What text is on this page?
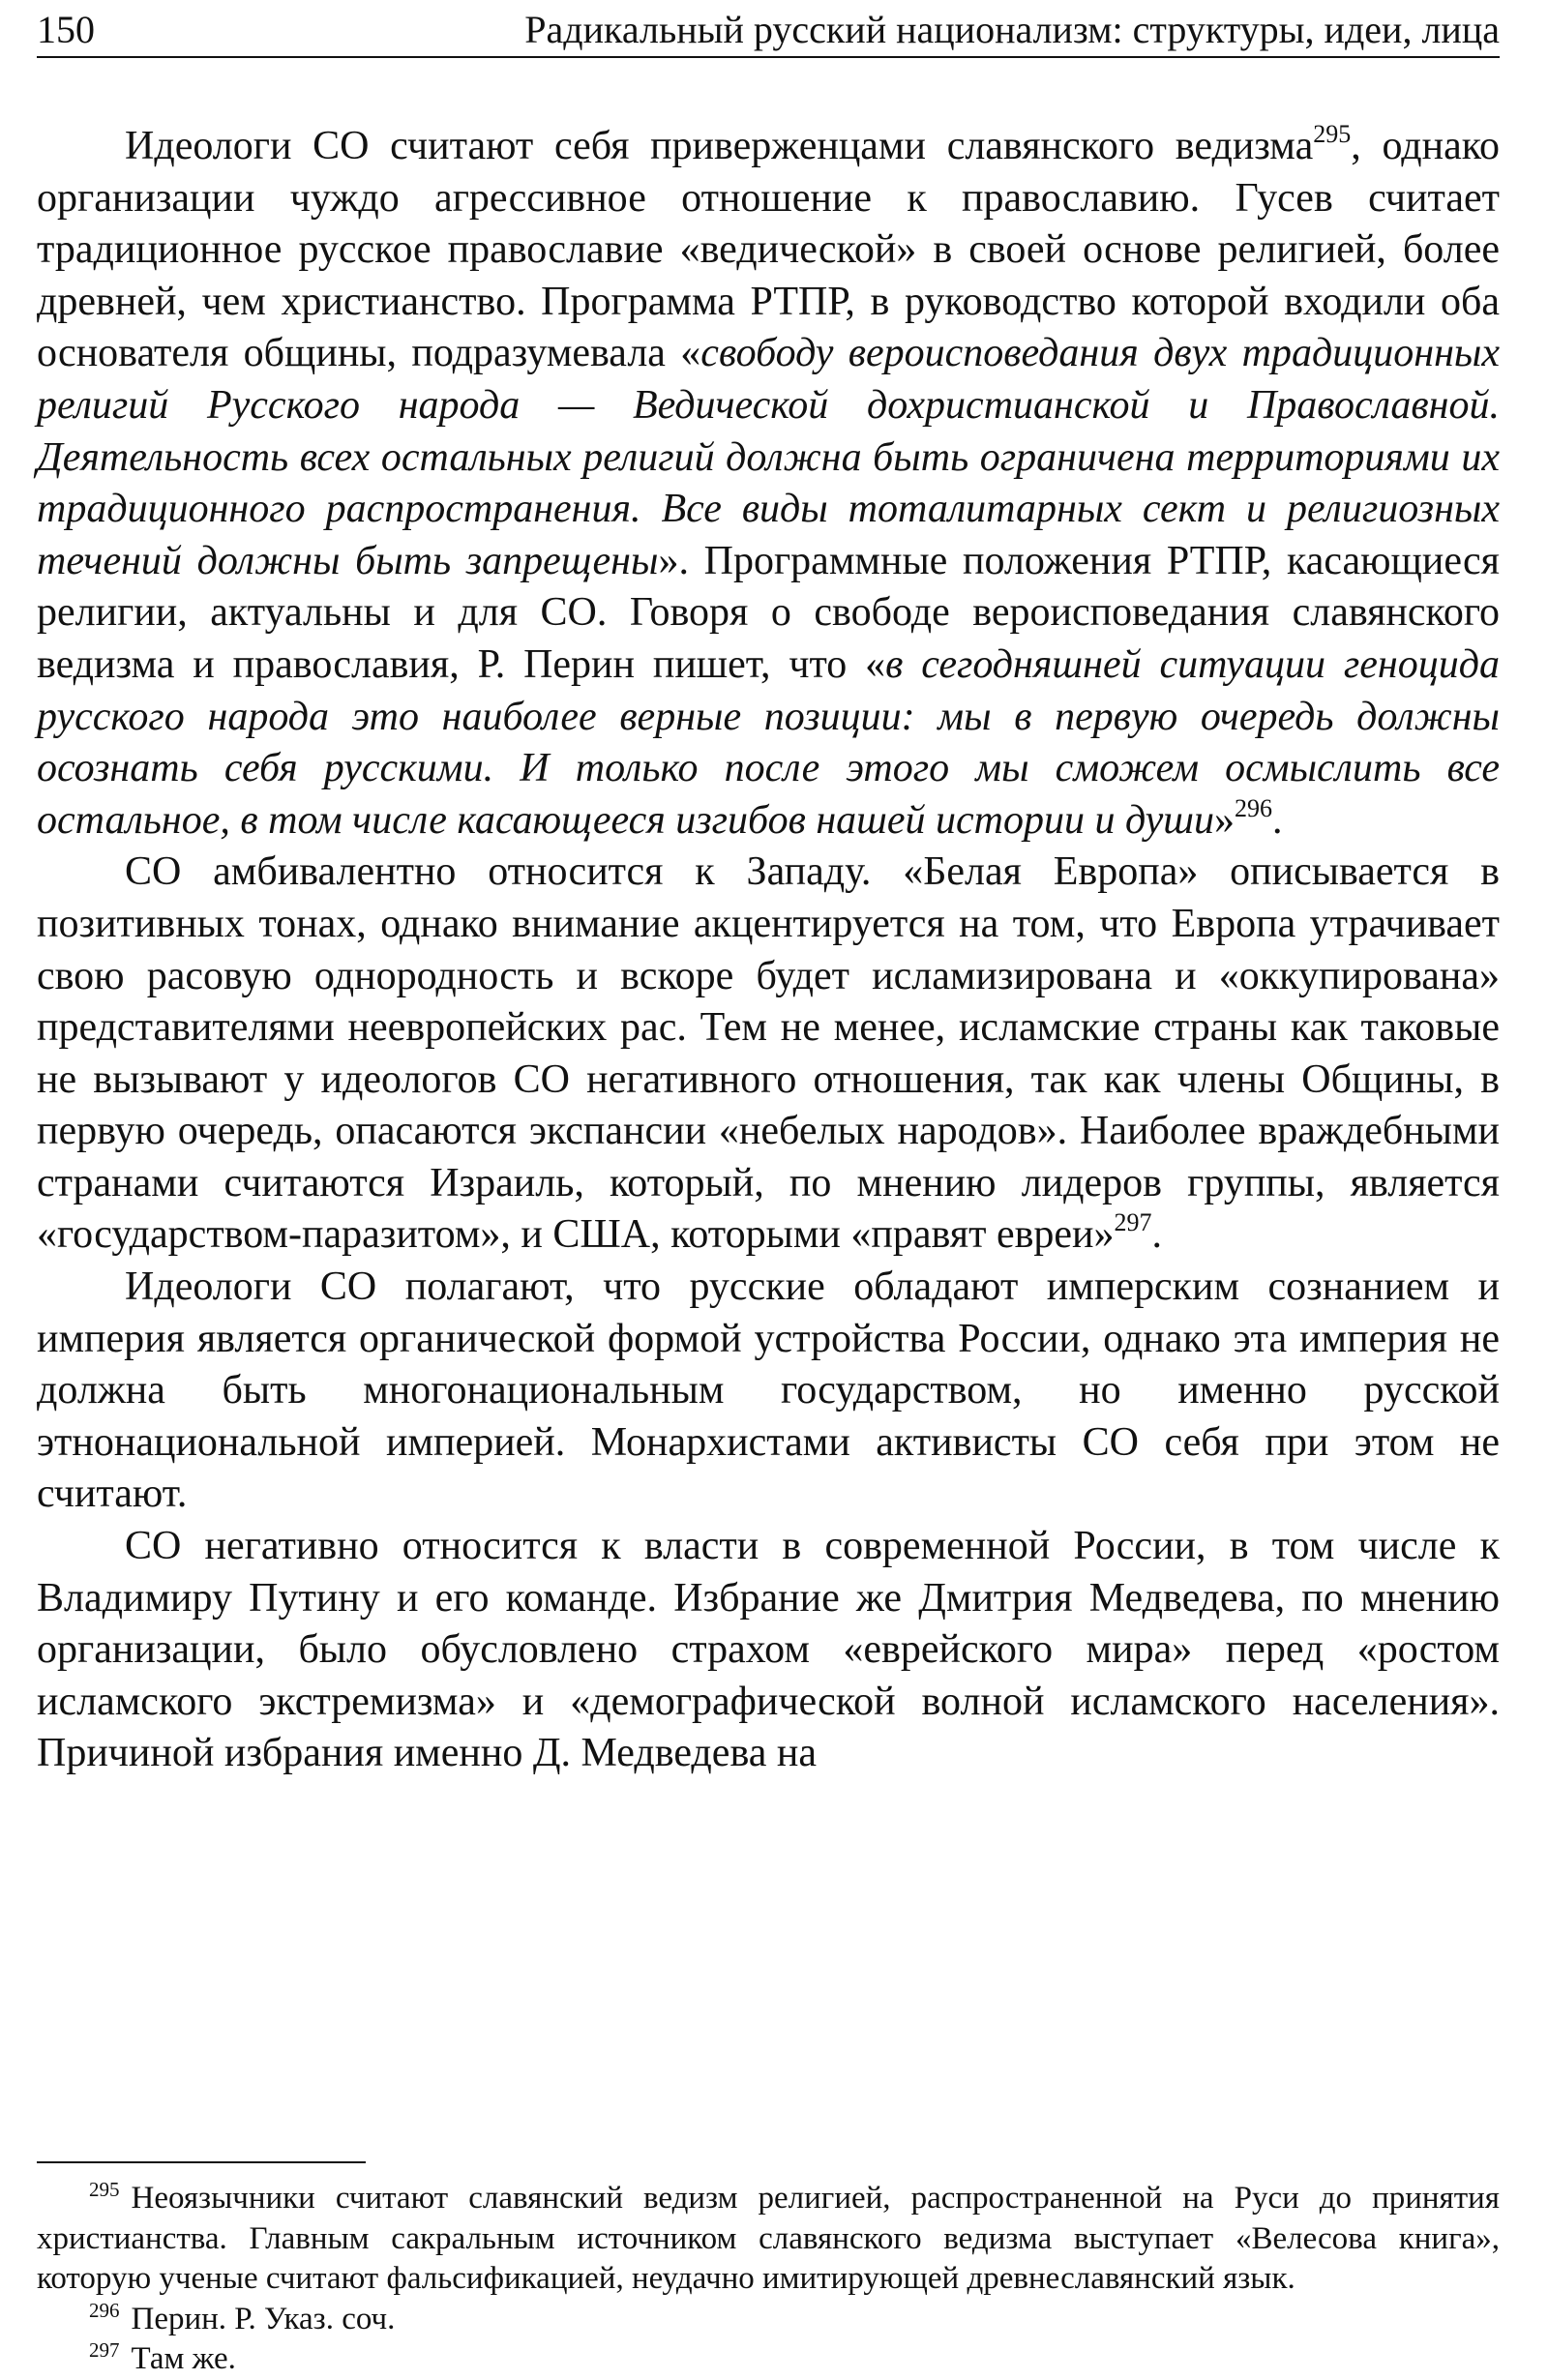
150	Радикальный русский национализм: структуры, идеи, лица

Идеологи СО считают себя приверженцами славянского ведизма$^{295}$, однако организации чуждо агрессивное отношение к православию. Гусев считает традиционное русское православие «ведической» в своей основе религией, более древней, чем христианство. Программа РТПР, в руководство которой входили оба основателя общины, подразумевала «свободу вероисповедания двух традиционных религий Русского народа — Ведической дохристианской и Православной. Деятельность всех остальных религий должна быть ограничена территориями их традиционного распространения. Все виды тоталитарных сект и религиозных течений должны быть запрещены». Программные положения РТПР, касающиеся религии, актуальны и для СО. Говоря о свободе вероисповедания славянского ведизма и православия, Р. Перин пишет, что «в сегодняшней ситуации геноцида русского народа это наиболее верные позиции: мы в первую очередь должны осознать себя русскими. И только после этого мы сможем осмыслить все остальное, в том числе касающееся изгибов нашей истории и души»$^{296}$.

СО амбивалентно относится к Западу. «Белая Европа» описывается в позитивных тонах, однако внимание акцентируется на том, что Европа утрачивает свою расовую однородность и вскоре будет исламизирована и «оккупирована» представителями неевропейских рас. Тем не менее, исламские страны как таковые не вызывают у идеологов СО негативного отношения, так как члены Общины, в первую очередь, опасаются экспансии «небелых народов». Наиболее враждебными странами считаются Израиль, который, по мнению лидеров группы, является «государством-паразитом», и США, которыми «правят евреи»$^{297}$.

Идеологи СО полагают, что русские обладают имперским сознанием и империя является органической формой устройства России, однако эта империя не должна быть многонациональным государством, но именно русской этнонациональной империей. Монархистами активисты СО себя при этом не считают.

СО негативно относится к власти в современной России, в том числе к Владимиру Путину и его команде. Избрание же Дмитрия Медведева, по мнению организации, было обусловлено страхом «еврейского мира» перед «ростом исламского экстремизма» и «демографической волной исламского населения». Причиной избрания именно Д. Медведева на

$^{295}$ Неоязычники считают славянский ведизм религией, распространенной на Руси до принятия христианства. Главным сакральным источником славянского ведизма выступает «Велесова книга», которую ученые считают фальсификацией, неудачно имитирующей древнеславянский язык.

$^{296}$ Перин. Р. Указ. соч.

$^{297}$ Там же.
